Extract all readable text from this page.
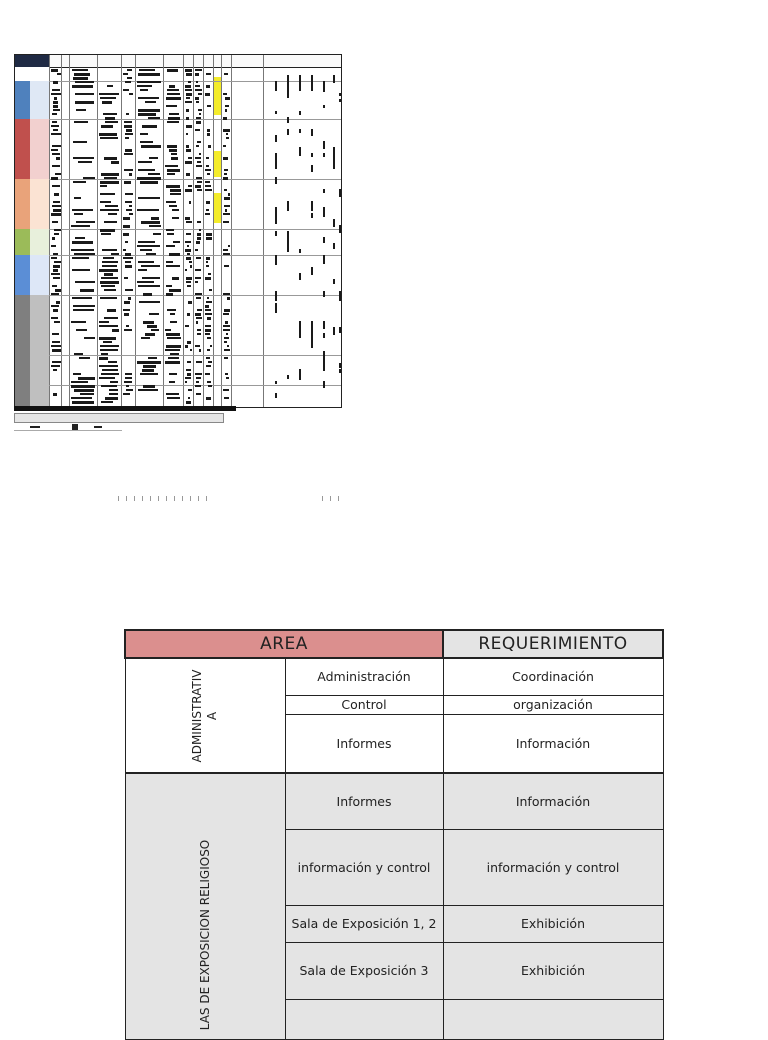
AREA		REQUERIMIENTO

ADMINISTRATIV
A	Administración	Coordinación
	Control	organización
	Informes	Información

LAS DE EXPOSICION RELIGIOSO	Informes	Información
	información y control	información y control
	Sala de Exposición 1, 2	Exhibición
	Sala de Exposición 3	Exhibición
